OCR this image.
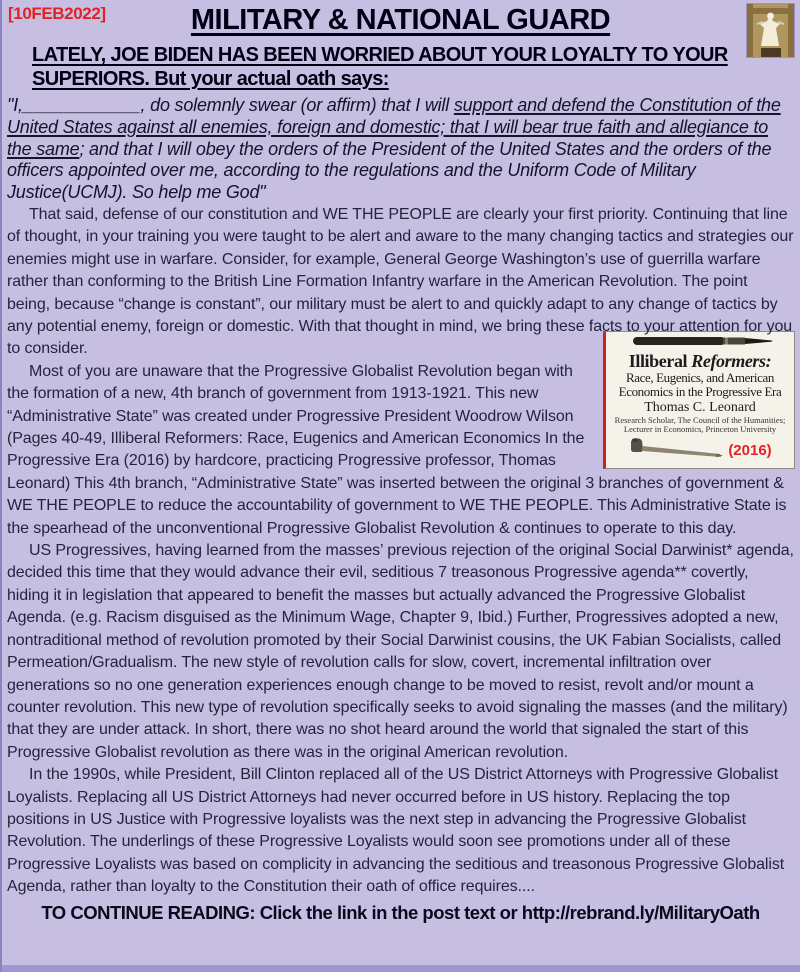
[10FEB2022]	MILITARY & NATIONAL GUARD
LATELY, JOE BIDEN HAS BEEN WORRIED ABOUT YOUR LOYALTY TO YOUR SUPERIORS. But your actual oath says:
"I,____________, do solemnly swear (or affirm) that I will support and defend the Constitution of the United States against all enemies, foreign and domestic; that I will bear true faith and allegiance to the same; and that I will obey the orders of the President of the United States and the orders of the officers appointed over me, according to the regulations and the Uniform Code of Military Justice(UCMJ). So help me God"

That said, defense of our constitution and WE THE PEOPLE are clearly your first priority. Continuing that line of thought, in your training you were taught to be alert and aware to the many changing tactics and strategies our enemies might use in warfare. Consider, for example, General George Washington’s use of guerrilla warfare rather than conforming to the British Line Formation Infantry warfare in the American Revolution. The point being, because “change is constant”, our military must be alert to and quickly adapt to any change of tactics by any potential enemy, foreign or domestic. With that thought in mind, we bring these facts to your attention for you to consider.

Illiberal Reformers:
Race, Eugenics, and American Economics in the Progressive Era
Thomas C. Leonard
Research Scholar, The Council of the Humanities; Lecturer in Economics, Princeton University
(2016)

Most of you are unaware that the Progressive Globalist Revolution began with the formation of a new, 4th branch of government from 1913-1921. This new “Administrative State” was created under Progressive President Woodrow Wilson (Pages 40-49, Illiberal Reformers: Race, Eugenics and American Economics In the Progressive Era (2016) by hardcore, practicing Progressive professor, Thomas Leonard) This 4th branch, “Administrative State” was inserted between the original 3 branches of government & WE THE PEOPLE to reduce the accountability of government to WE THE PEOPLE. This Administrative State is the spearhead of the unconventional Progressive Globalist Revolution & continues to operate to this day.

US Progressives, having learned from the masses’ previous rejection of the original Social Darwinist* agenda, decided this time that they would advance their evil, seditious 7 treasonous Progressive agenda** covertly, hiding it in legislation that appeared to benefit the masses but actually advanced the Progressive Globalist Agenda. (e.g. Racism disguised as the Minimum Wage, Chapter 9, Ibid.) Further, Progressives adopted a new, nontraditional method of revolution promoted by their Social Darwinist cousins, the UK Fabian Socialists, called Permeation/Gradualism. The new style of revolution calls for slow, covert, incremental infiltration over generations so no one generation experiences enough change to be moved to resist, revolt and/or mount a counter revolution. This new type of revolution specifically seeks to avoid signaling the masses (and the military) that they are under attack. In short, there was no shot heard around the world that signaled the start of this Progressive Globalist revolution as there was in the original American revolution.

In the 1990s, while President, Bill Clinton replaced all of the US District Attorneys with Progressive Globalist Loyalists. Replacing all US District Attorneys had never occurred before in US history. Replacing the top positions in US Justice with Progressive loyalists was the next step in advancing the Progressive Globalist Revolution. The underlings of these Progressive Loyalists would soon see promotions under all of these Progressive Loyalists was based on complicity in advancing the seditious and treasonous Progressive Globalist Agenda, rather than loyalty to the Constitution their oath of office requires....

TO CONTINUE READING: Click the link in the post text or http://rebrand.ly/MilitaryOath
